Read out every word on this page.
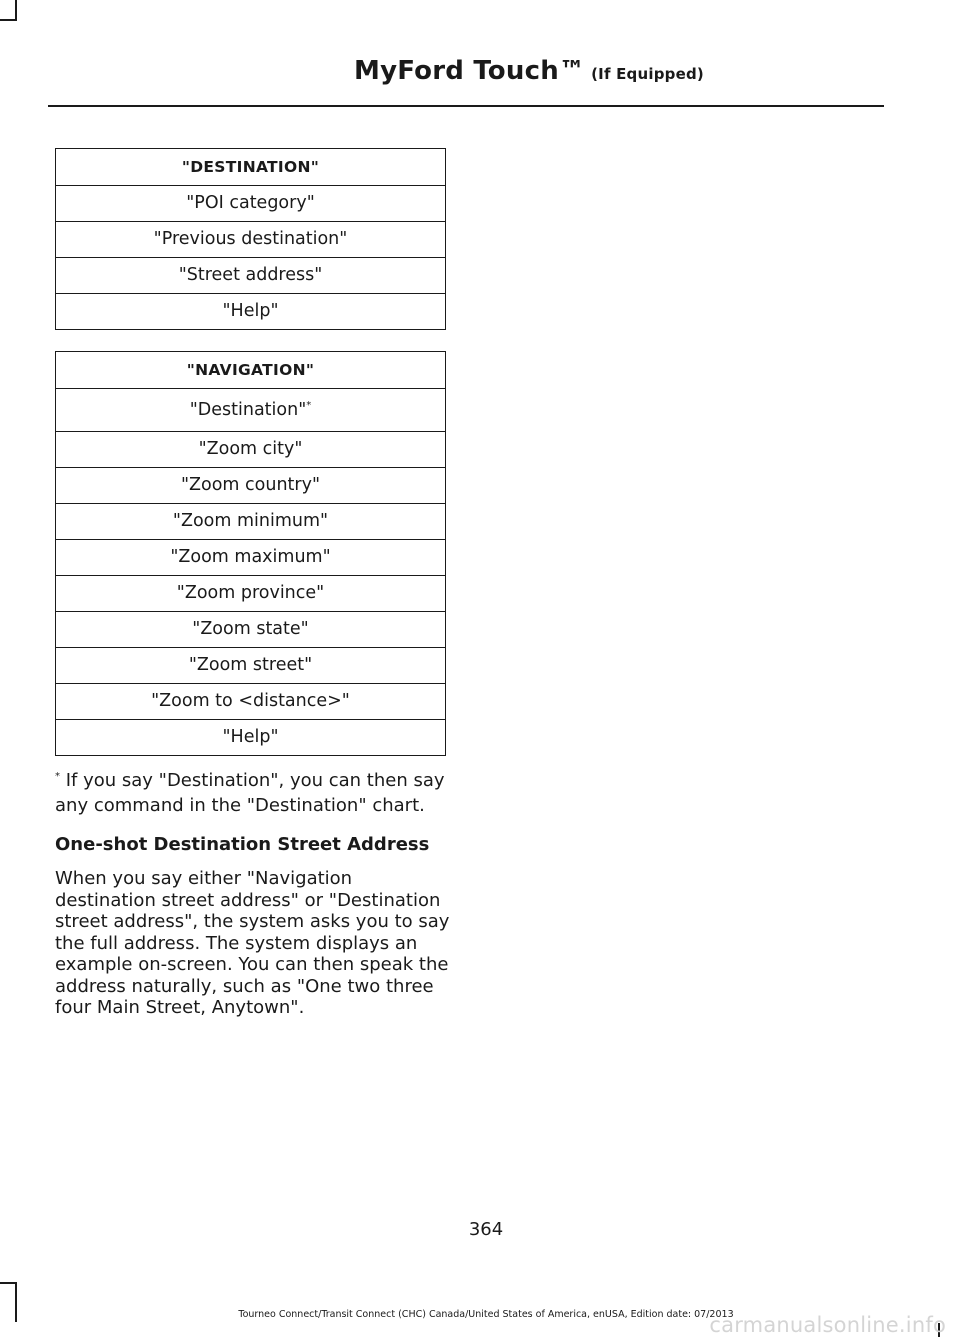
MyFord Touch™ (If Equipped)
"DESTINATION"
"POI category"
"Previous destination"
"Street address"
"Help"
"NAVIGATION"
"Destination"*
"Zoom city"
"Zoom country"
"Zoom minimum"
"Zoom maximum"
"Zoom province"
"Zoom state"
"Zoom street"
"Zoom to <distance>"
"Help"
* If you say "Destination", you can then say any command in the "Destination" chart.
One-shot Destination Street Address
When you say either "Navigation destination street address" or "Destination street address", the system asks you to say the full address. The system displays an example on-screen. You can then speak the address naturally, such as "One two three four Main Street, Anytown".
364
Tourneo Connect/Transit Connect (CHC) Canada/United States of America, enUSA, Edition date: 07/2013
carmanualsonline.info
